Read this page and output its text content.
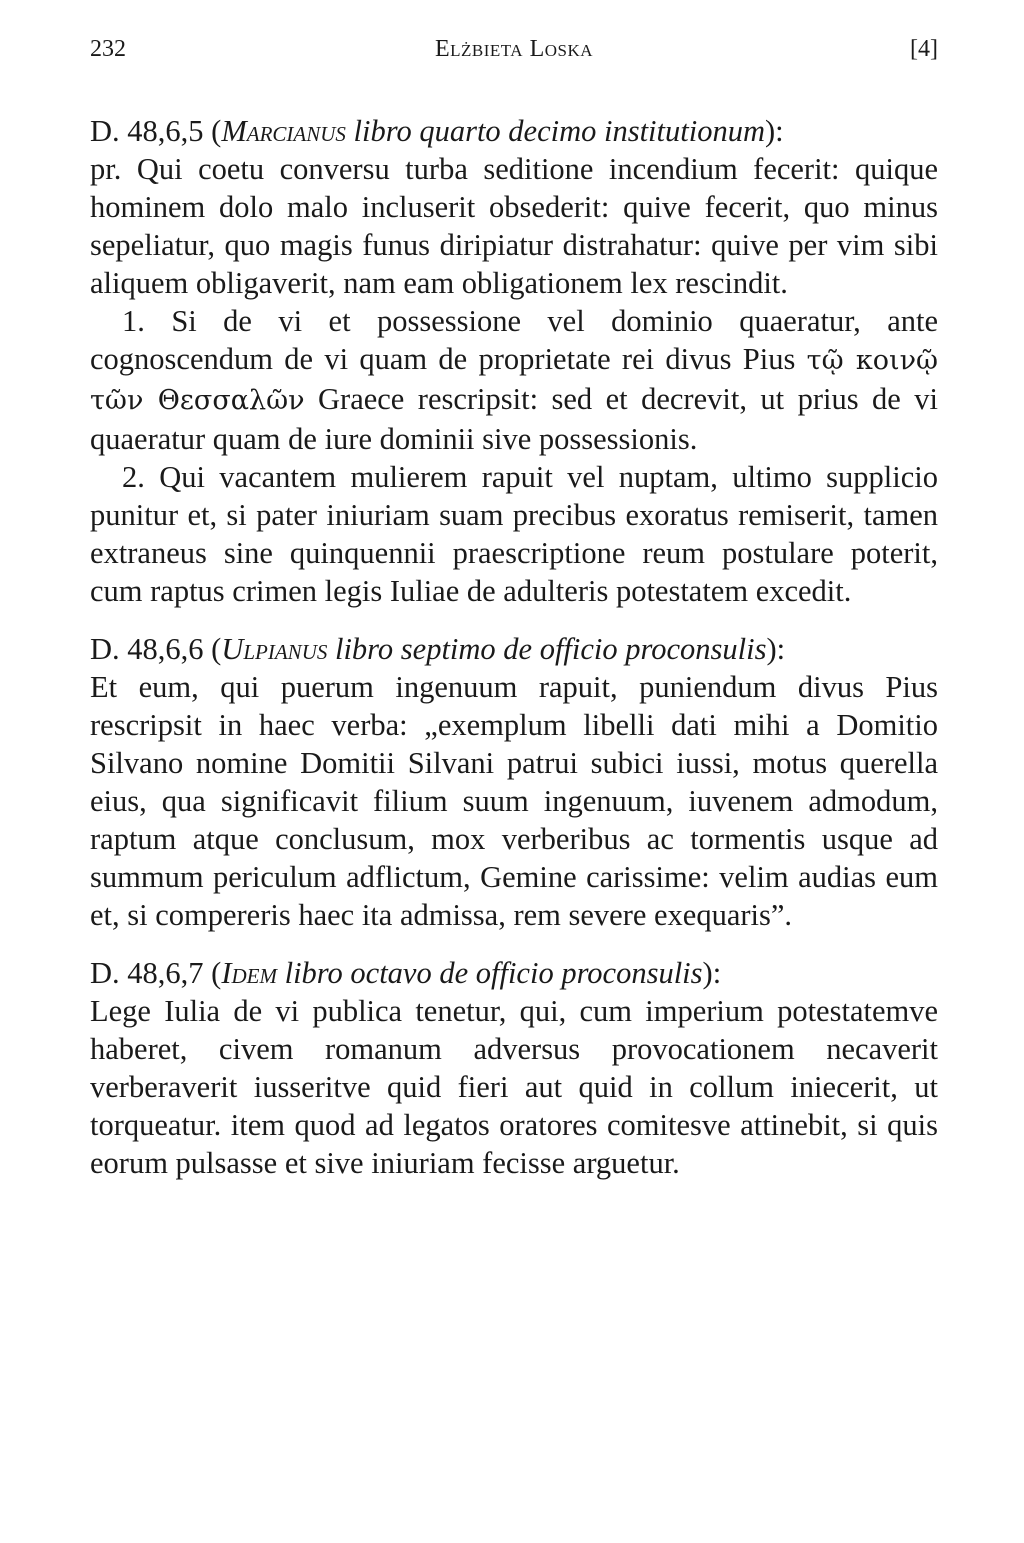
232	Elżbieta Loska	[4]
D. 48,6,5 (Marcianus libro quarto decimo institutionum):

pr. Qui coetu conversu turba seditione incendium fecerit: quique hominem dolo malo incluserit obsederit: quive fecerit, quo minus sepeliatur, quo magis funus diripiatur distrahatur: quive per vim sibi aliquem obligaverit, nam eam obligationem lex rescindit.

1. Si de vi et possessione vel dominio quaeratur, ante cognoscendum de vi quam de proprietate rei divus Pius τῷ κοινῷ τῶν Θεσσαλῶν Graece rescripsit: sed et decrevit, ut prius de vi quaeratur quam de iure dominii sive possessionis.

2. Qui vacantem mulierem rapuit vel nuptam, ultimo supplicio punitur et, si pater iniuriam suam precibus exoratus remiserit, tamen extraneus sine quinquennii praescriptione reum postulare poterit, cum raptus crimen legis Iuliae de adulteris potestatem excedit.

D. 48,6,6 (Ulpianus libro septimo de officio proconsulis):

Et eum, qui puerum ingenuum rapuit, puniendum divus Pius rescripsit in haec verba: „exemplum libelli dati mihi a Domitio Silvano nomine Domitii Silvani patrui subici iussi, motus querella eius, qua significavit filium suum ingenuum, iuvenem admodum, raptum atque conclusum, mox verberibus ac tormentis usque ad summum periculum adflictum, Gemine carissime: velim audias eum et, si compereris haec ita admissa, rem severe exequaris”.

D. 48,6,7 (Idem libro octavo de officio proconsulis):

Lege Iulia de vi publica tenetur, qui, cum imperium potestatemve haberet, civem romanum adversus provocationem necaverit verberaverit iusseritve quid fieri aut quid in collum iniecerit, ut torqueatur. item quod ad legatos oratores comitesve attinebit, si quis eorum pulsasse et sive iniuriam fecisse arguetur.
